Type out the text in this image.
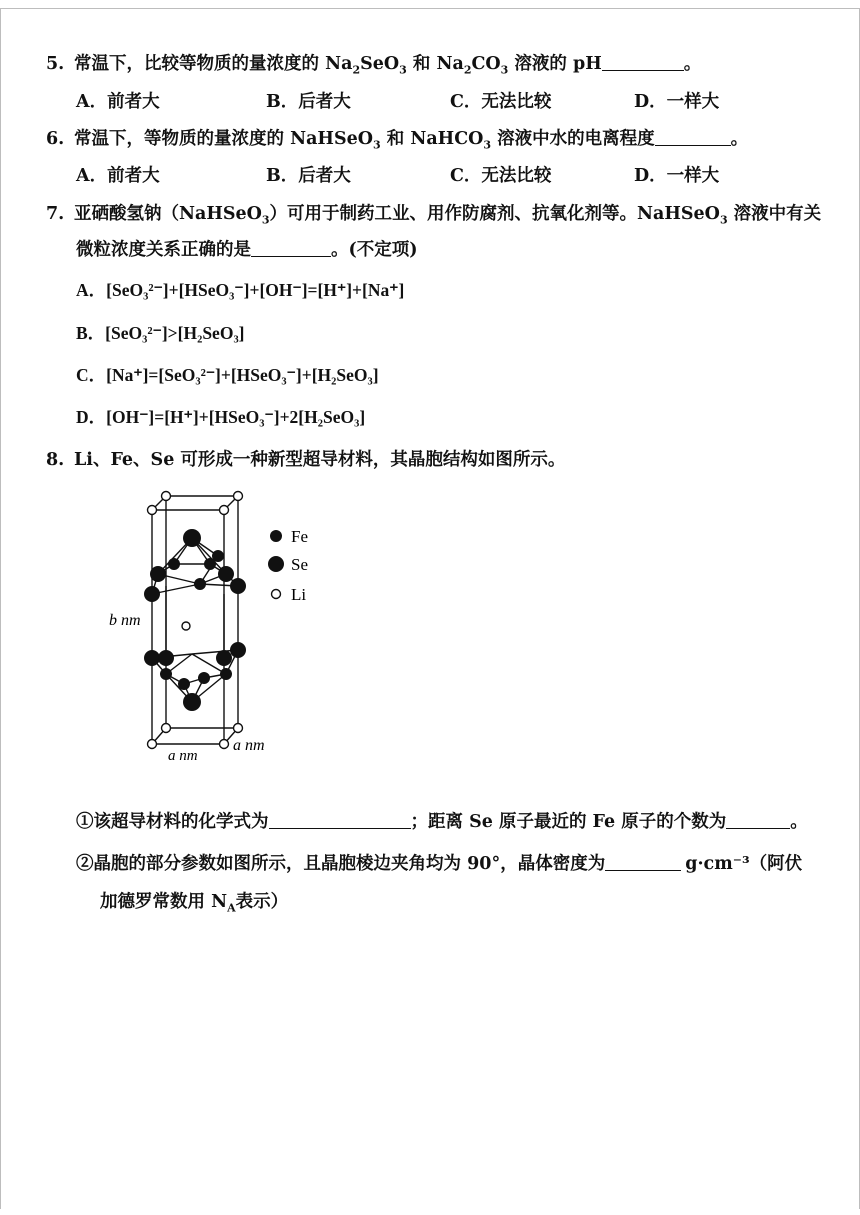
5. 常温下，比较等物质的量浓度的 $Na_2SeO_3$ 和 $Na_2CO_3$ 溶液的 pH	。
A．前者大	B．后者大	C．无法比较	D．一样大
6. 常温下，等物质的量浓度的 NaHSeO$_3$ 和 NaHCO$_3$ 溶液中水的电离程度	。
A．前者大	B．后者大	C．无法比较	D．一样大
7. 亚硒酸氢钠（NaHSeO$_3$）可用于制药工业、用作防腐剂、抗氧化剂等。NaHSeO$_3$ 溶液中有关
微粒浓度关系正确的是	。(不定项)
A．[SeO₃²⁻]+[HSeO₃⁻]+[OH⁻]=[H⁺]+[Na⁺]
B．[SeO₃²⁻]>[H₂SeO₃]
C．[Na⁺]=[SeO₃²⁻]+[HSeO₃⁻]+[H₂SeO₃]
D．[OH⁻]=[H⁺]+[HSeO₃⁻]+2[H₂SeO₃]
8. Li、Fe、Se 可形成一种新型超导材料，其晶胞结构如图所示。
Fe
Se
Li
b nm
a nm
a nm
①该超导材料的化学式为	；距离 Se 原子最近的 Fe 原子的个数为	。
②晶胞的部分参数如图所示，且晶胞棱边夹角均为 90°，晶体密度为	g·cm⁻³（阿伏
加德罗常数用 $N_A$表示）
